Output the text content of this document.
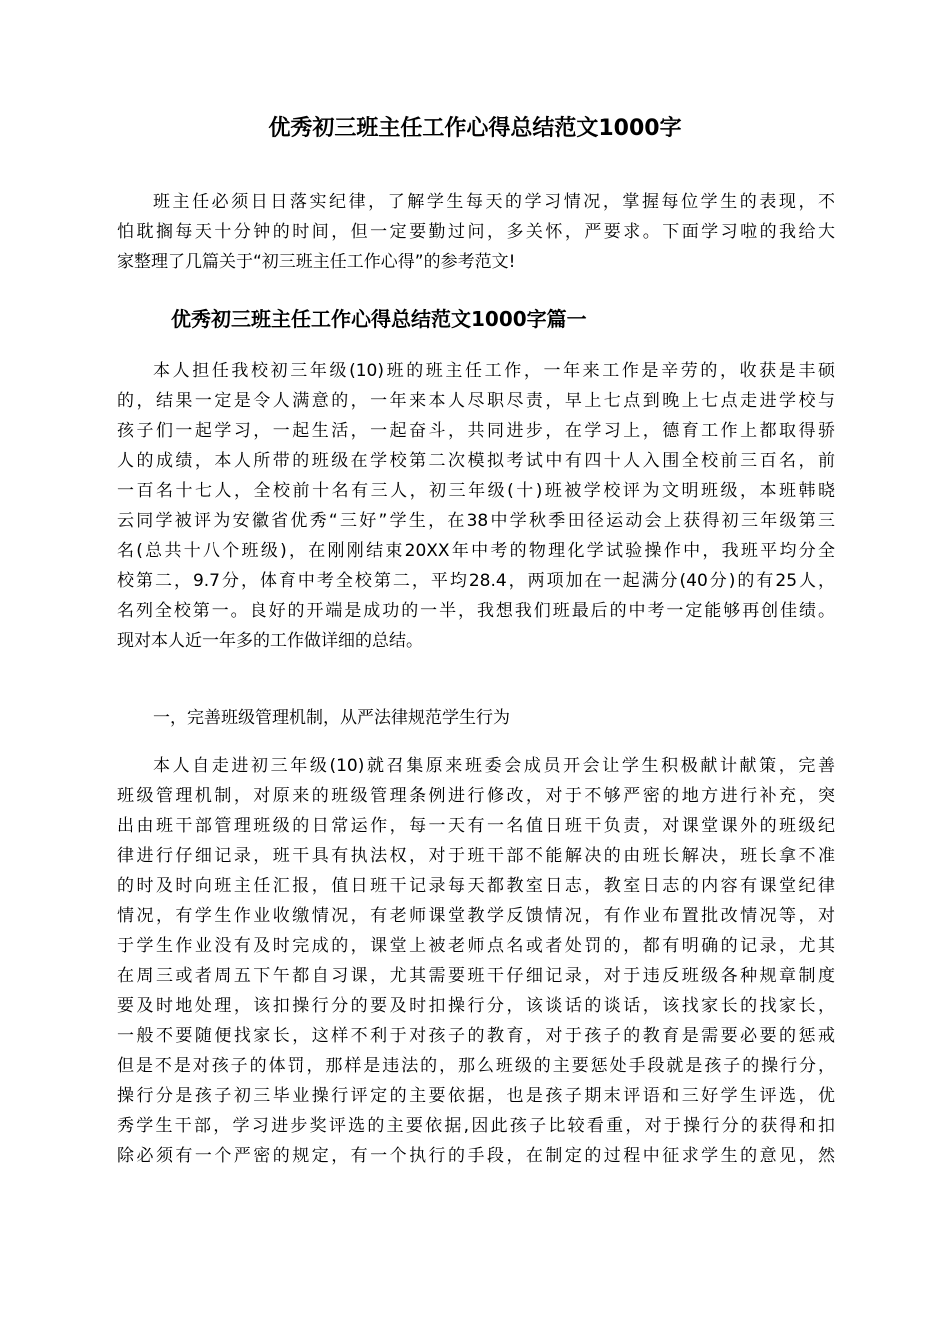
优秀初三班主任工作心得总结范文1000字
班主任必须日日落实纪律，了解学生每天的学习情况，掌握每位学生的表现，不
怕耽搁每天十分钟的时间，但一定要勤过问，多关怀，严要求。下面学习啦的我给大
家整理了几篇关于“初三班主任工作心得”的参考范文!
优秀初三班主任工作心得总结范文1000字篇一
本人担任我校初三年级(10)班的班主任工作，一年来工作是辛劳的，收获是丰硕
的，结果一定是令人满意的，一年来本人尽职尽责，早上七点到晚上七点走进学校与
孩子们一起学习，一起生活，一起奋斗，共同进步，在学习上，德育工作上都取得骄
人的成绩，本人所带的班级在学校第二次模拟考试中有四十人入围全校前三百名，前
一百名十七人，全校前十名有三人，初三年级(十)班被学校评为文明班级，本班韩晓
云同学被评为安徽省优秀“三好”学生，在38中学秋季田径运动会上获得初三年级第三
名(总共十八个班级)，在刚刚结束20XX年中考的物理化学试验操作中，我班平均分全
校第二，9.7分，体育中考全校第二，平均28.4，两项加在一起满分(40分)的有25人，
名列全校第一。良好的开端是成功的一半，我想我们班最后的中考一定能够再创佳绩。
现对本人近一年多的工作做详细的总结。

一，完善班级管理机制，从严法律规范学生行为

本人自走进初三年级(10)就召集原来班委会成员开会让学生积极献计献策，完善
班级管理机制，对原来的班级管理条例进行修改，对于不够严密的地方进行补充，突
出由班干部管理班级的日常运作，每一天有一名值日班干负责，对课堂课外的班级纪
律进行仔细记录，班干具有执法权，对于班干部不能解决的由班长解决，班长拿不准
的时及时向班主任汇报，值日班干记录每天都教室日志，教室日志的内容有课堂纪律
情况，有学生作业收缴情况，有老师课堂教学反馈情况，有作业布置批改情况等，对
于学生作业没有及时完成的，课堂上被老师点名或者处罚的，都有明确的记录，尤其
在周三或者周五下午都自习课，尤其需要班干仔细记录，对于违反班级各种规章制度
要及时地处理，该扣操行分的要及时扣操行分，该谈话的谈话，该找家长的找家长，
一般不要随便找家长，这样不利于对孩子的教育，对于孩子的教育是需要必要的惩戒
但是不是对孩子的体罚，那样是违法的，那么班级的主要惩处手段就是孩子的操行分，
操行分是孩子初三毕业操行评定的主要依据，也是孩子期末评语和三好学生评选，优
秀学生干部，学习进步奖评选的主要依据,因此孩子比较看重，对于操行分的获得和扣
除必须有一个严密的规定，有一个执行的手段，在制定的过程中征求学生的意见，然
